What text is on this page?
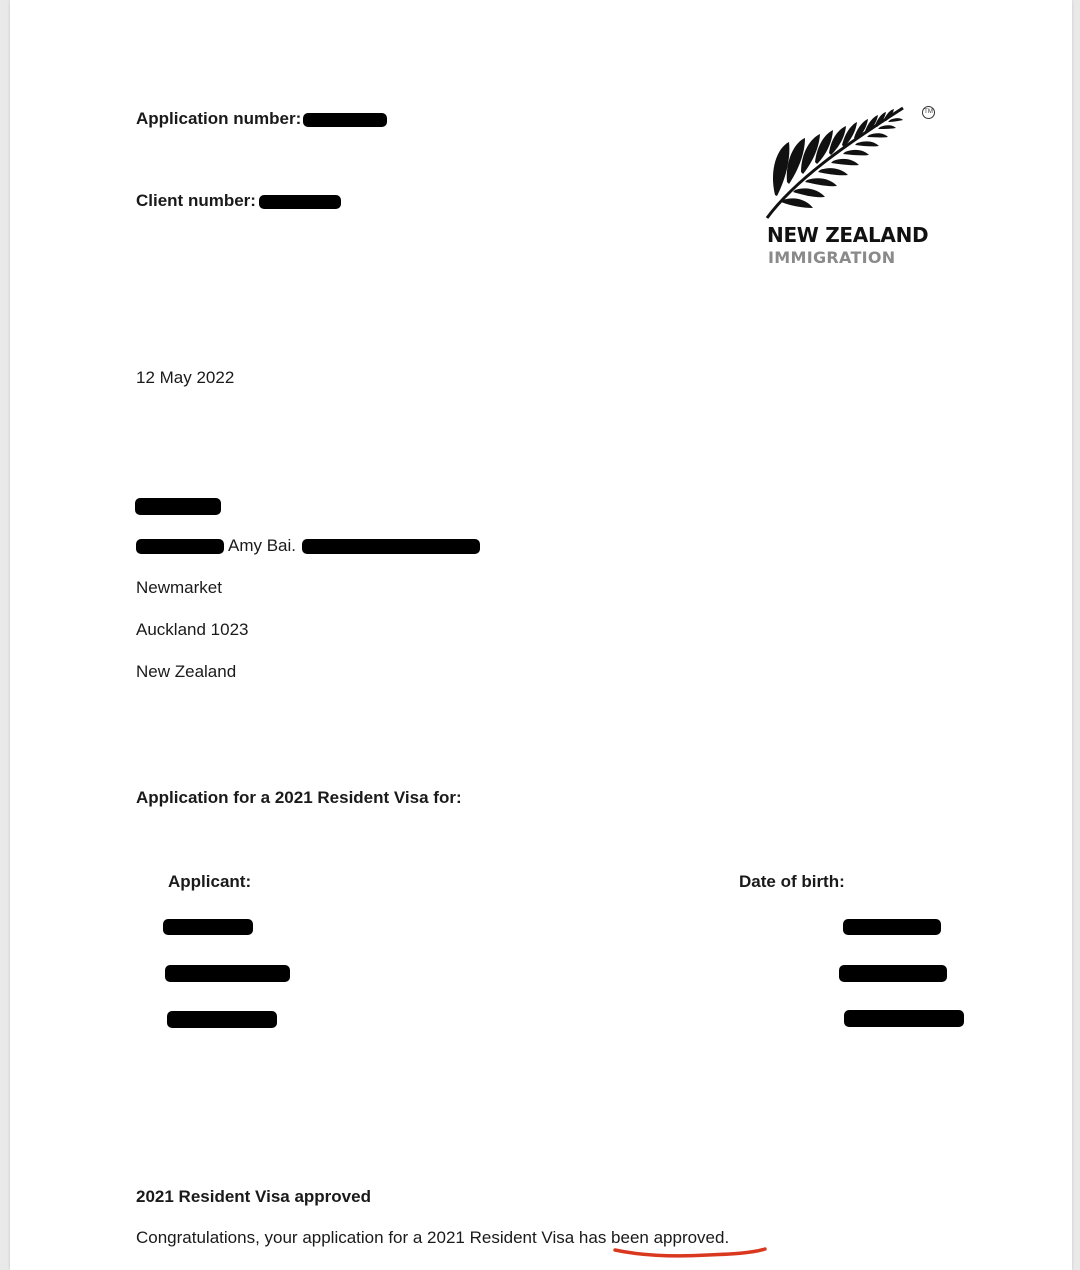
Application number:
Client number:
TM
NEW ZEALAND
IMMIGRATION
12 May 2022
Amy Bai.
Newmarket
Auckland 1023
New Zealand
Application for a 2021 Resident Visa for:
Applicant:	Date of birth:
2021 Resident Visa approved
Congratulations, your application for a 2021 Resident Visa has been approved.
